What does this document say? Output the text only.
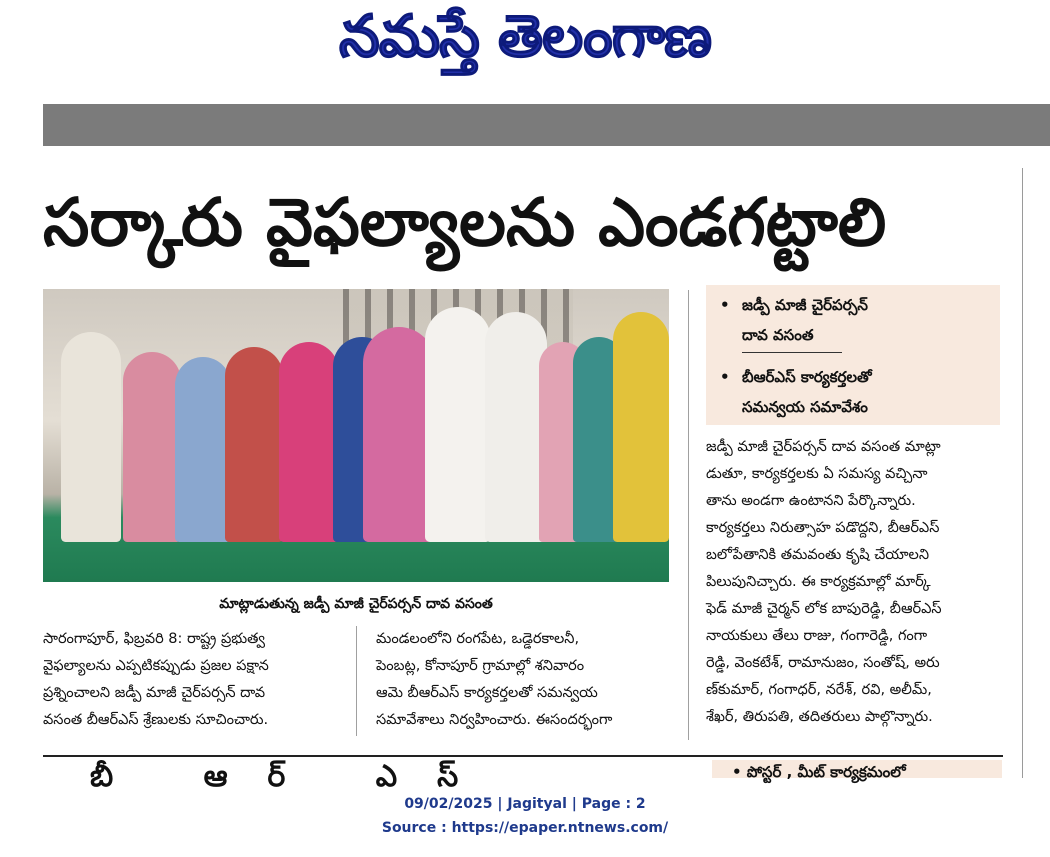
నమస్తే తెలంగాణ
సర్కారు వైఫల్యాలను ఎండగట్టాలి
మాట్లాడుతున్న జడ్పీ మాజీ చైర్‌పర్సన్ దావ వసంత
• జడ్పీ మాజీ చైర్‌పర్సన్
దావ వసంత
• బీఆర్‌ఎస్ కార్యకర్తలతో
సమన్వయ సమావేశం
సారంగాపూర్, ఫిబ్రవరి 8: రాష్ట్ర ప్రభుత్వ
వైఫల్యాలను ఎప్పటికప్పుడు ప్రజల పక్షాన
ప్రశ్నించాలని జడ్పీ మాజీ చైర్‌పర్సన్ దావ
వసంత బీఆర్‌ఎస్ శ్రేణులకు సూచించారు.
మండలంలోని రంగపేట, ఒడ్డెరకాలనీ,
పెంబట్ల, కోనాపూర్ గ్రామాల్లో శనివారం
ఆమె బీఆర్‌ఎస్ కార్యకర్తలతో సమన్వయ
సమావేశాలు నిర్వహించారు. ఈసందర్భంగా
జడ్పీ మాజీ చైర్‌పర్సన్ దావ వసంత మాట్లా
డుతూ, కార్యకర్తలకు ఏ సమస్య వచ్చినా
తాను అండగా ఉంటానని పేర్కొన్నారు.
కార్యకర్తలు నిరుత్సాహ పడొద్దని, బీఆర్‌ఎస్
బలోపేతానికి తమవంతు కృషి చేయాలని
పిలుపునిచ్చారు. ఈ కార్యక్రమాల్లో మార్క్
ఫెడ్ మాజీ చైర్మన్ లోక బాపురెడ్డి, బీఆర్‌ఎస్
నాయకులు తేలు రాజు, గంగారెడ్డి, గంగా
రెడ్డి, వెంకటేశ్, రామానుజం, సంతోష్, అరు
ణ్‌కుమార్, గంగాధర్, నరేశ్, రవి, అలీమ్,
శేఖర్, తిరుపతి, తదితరులు పాల్గొన్నారు.
బీ ఆర్ ఎస్	• పోస్టర్ , మీట్ కార్యక్రమంలో
09/02/2025 | Jagityal | Page : 2
Source : https://epaper.ntnews.com/
